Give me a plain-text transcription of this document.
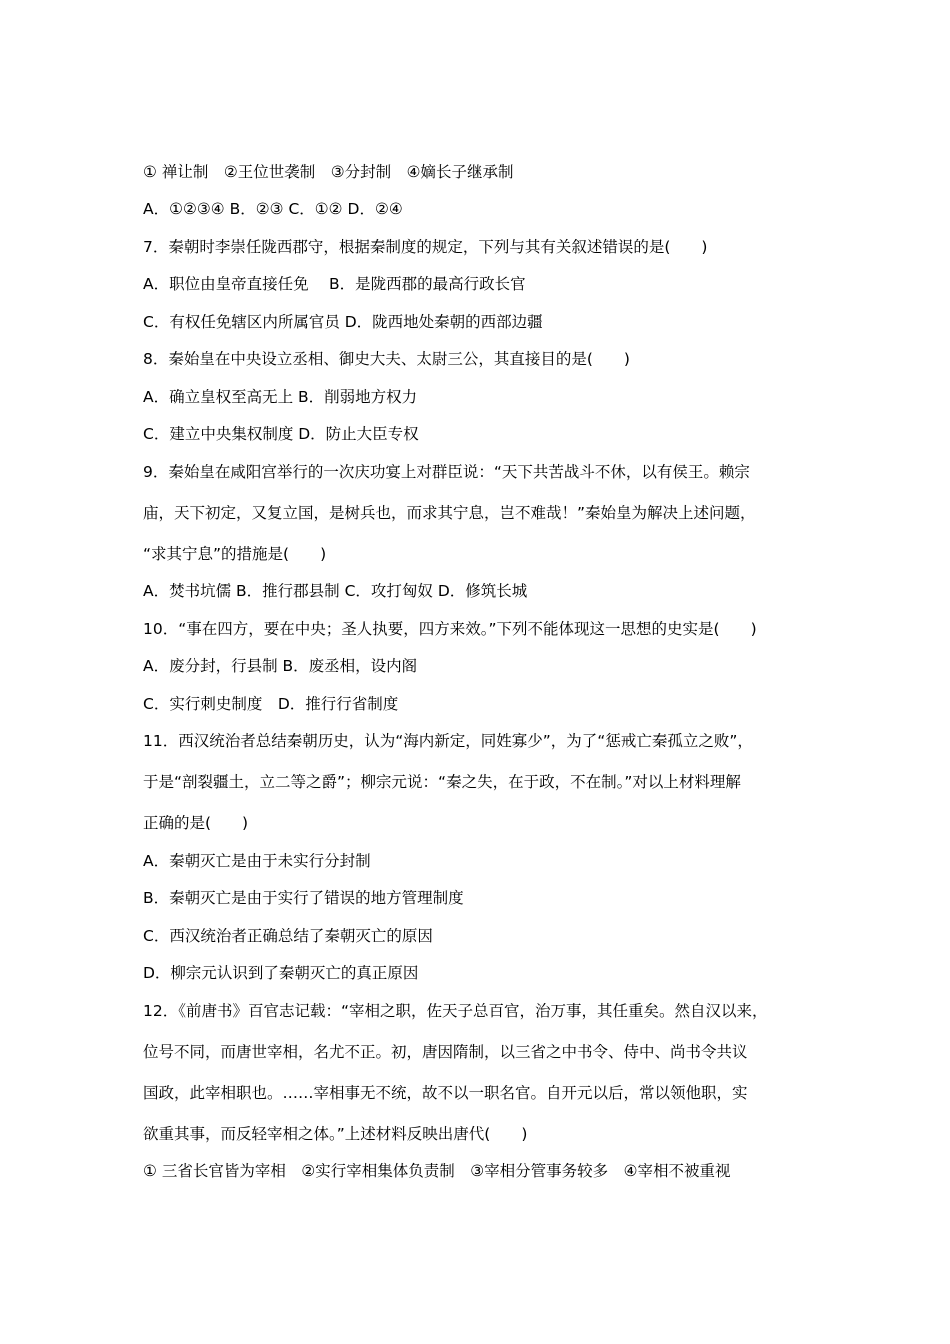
① 禅让制　②王位世袭制　③分封制　④嫡长子继承制
A．①②③④ B．②③ C．①② D．②④
7．秦朝时李崇任陇西郡守，根据秦制度的规定，下列与其有关叙述错误的是(　　)
A．职位由皇帝直接任免　 B．是陇西郡的最高行政长官
C．有权任免辖区内所属官员 D．陇西地处秦朝的西部边疆
8．秦始皇在中央设立丞相、御史大夫、太尉三公，其直接目的是(　　)
A．确立皇权至高无上 B．削弱地方权力
C．建立中央集权制度 D．防止大臣专权
9．秦始皇在咸阳宫举行的一次庆功宴上对群臣说：“天下共苦战斗不休，以有侯王。赖宗
庙，天下初定，又复立国，是树兵也，而求其宁息，岂不难哉！”秦始皇为解决上述问题，
“求其宁息”的措施是(　　)
A．焚书坑儒 B．推行郡县制 C．攻打匈奴 D．修筑长城
10．“事在四方，要在中央；圣人执要，四方来效。”下列不能体现这一思想的史实是(　　)
A．废分封，行县制 B．废丞相，设内阁
C．实行刺史制度　D．推行行省制度
11．西汉统治者总结秦朝历史，认为“海内新定，同姓寡少”，为了“惩戒亡秦孤立之败”，
于是“剖裂疆土，立二等之爵”；柳宗元说：“秦之失，在于政，不在制。”对以上材料理解
正确的是(　　)
A．秦朝灭亡是由于未实行分封制
B．秦朝灭亡是由于实行了错误的地方管理制度
C．西汉统治者正确总结了秦朝灭亡的原因
D．柳宗元认识到了秦朝灭亡的真正原因
12．《前唐书》百官志记载：“宰相之职，佐天子总百官，治万事，其任重矣。然自汉以来，
位号不同，而唐世宰相，名尤不正。初，唐因隋制，以三省之中书令、侍中、尚书令共议
国政，此宰相职也。……宰相事无不统，故不以一职名官。自开元以后，常以领他职，实
欲重其事，而反轻宰相之体。”上述材料反映出唐代(　　)
① 三省长官皆为宰相　②实行宰相集体负责制　③宰相分管事务较多　④宰相不被重视
